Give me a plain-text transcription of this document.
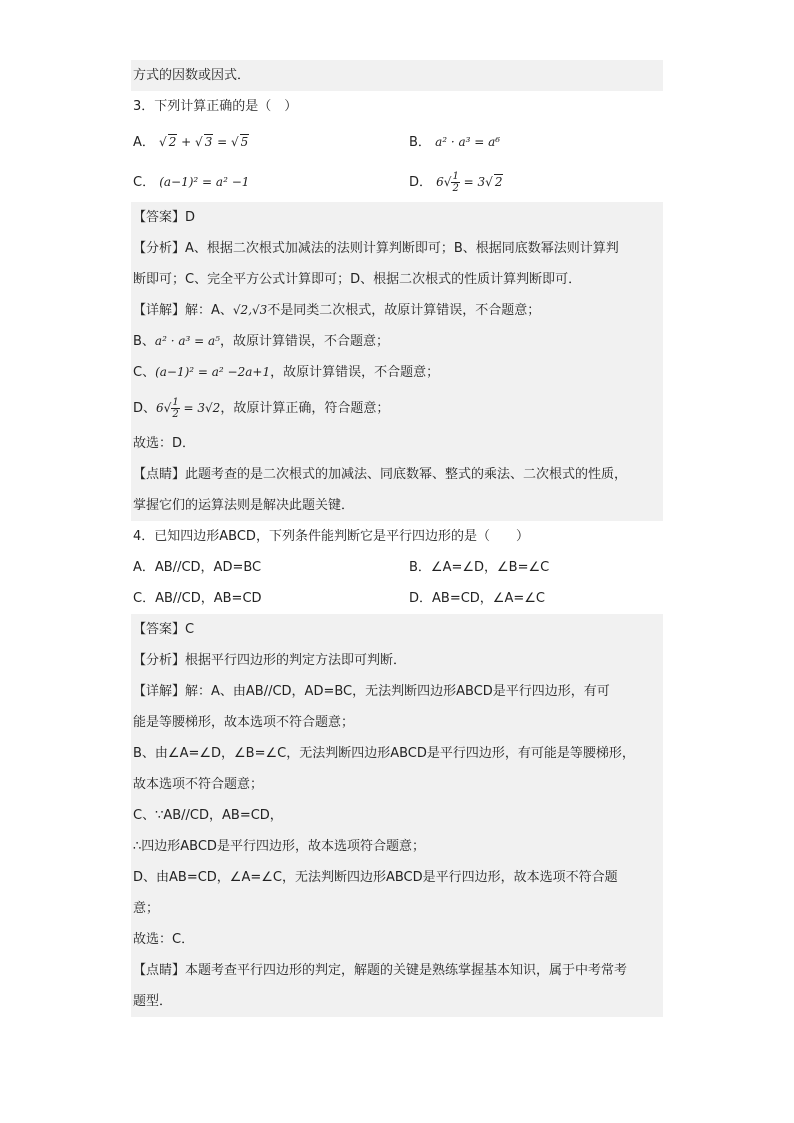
方式的因数或因式．
3．下列计算正确的是（　）
A． √ 2 + √ 3 = √ 5	B． a² · a³ = a⁶
C． (a−1)² = a² −1	D． $6√ \frac{1}{2} = 3√$ 2
【答案】D
【分析】A、根据二次根式加减法的法则计算判断即可；B、根据同底数幂法则计算判
断即可；C、完全平方公式计算即可；D、根据二次根式的性质计算判断即可．
【详解】解：A、√2,√3不是同类二次根式，故原计算错误，不合题意；
B、a² · a³ = a⁵，故原计算错误，不合题意；
C、(a−1)² = a² −2a+1，故原计算错误，不合题意；
D、$6√ \frac{1}{2} = 3√2$，故原计算正确，符合题意；
故选：D．
【点睛】此题考查的是二次根式的加减法、同底数幂、整式的乘法、二次根式的性质，
掌握它们的运算法则是解决此题关键．
4．已知四边形ABCD，下列条件能判断它是平行四边形的是（　　）
A．AB//CD，AD=BC	B．∠A=∠D，∠B=∠C
C．AB//CD，AB=CD	D．AB=CD，∠A=∠C
【答案】C
【分析】根据平行四边形的判定方法即可判断．
【详解】解：A、由AB//CD，AD=BC，无法判断四边形ABCD是平行四边形，有可
能是等腰梯形，故本选项不符合题意；
B、由∠A=∠D，∠B=∠C，无法判断四边形ABCD是平行四边形，有可能是等腰梯形，
故本选项不符合题意；
C、∵AB//CD，AB=CD，
∴四边形ABCD是平行四边形，故本选项符合题意；
D、由AB=CD，∠A=∠C，无法判断四边形ABCD是平行四边形，故本选项不符合题
意；
故选：C．
【点睛】本题考查平行四边形的判定，解题的关键是熟练掌握基本知识，属于中考常考
题型．
